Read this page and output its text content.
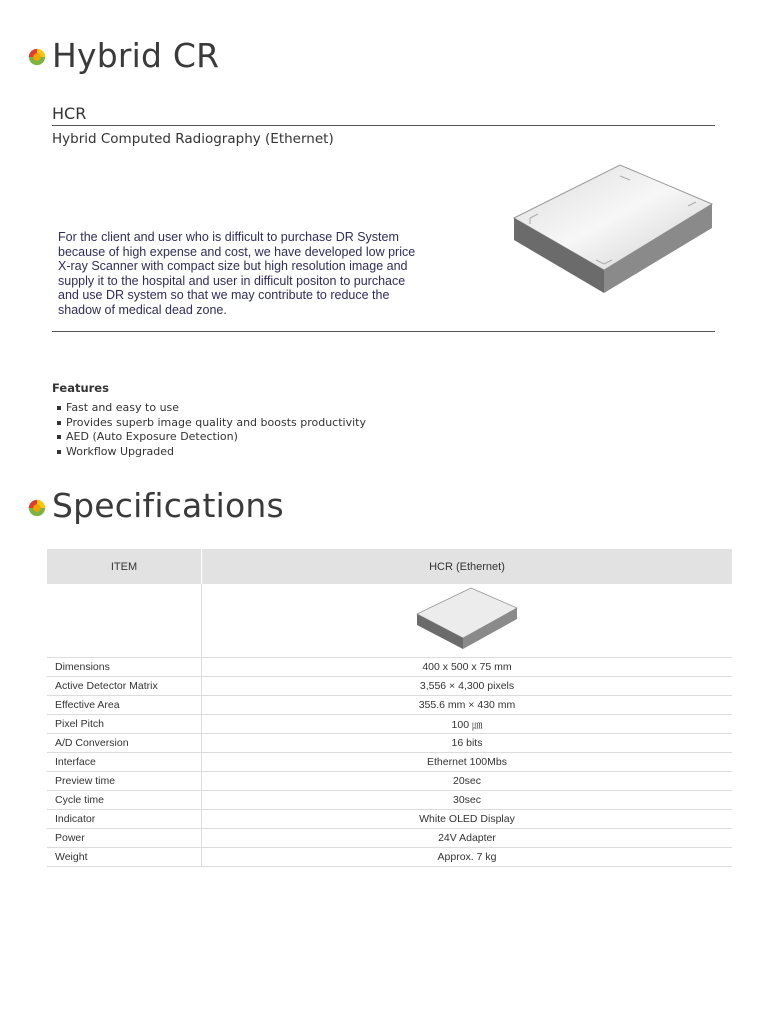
Hybrid CR
HCR
Hybrid Computed Radiography (Ethernet)
For the client and user who is difficult to purchase DR System because of high expense and cost, we have developed low price X-ray Scanner with compact size but high resolution image and supply it to the hospital and user in difficult positon to purchace and use DR system so that we may contribute to reduce the shadow of medical dead zone.
Features
Fast and easy to use
Provides superb image quality and boosts productivity
AED (Auto Exposure Detection)
Workflow Upgraded
Specifications
ITEM	HCR (Ethernet)

Dimensions	400 x 500 x 75 mm
Active Detector Matrix	3,556 × 4,300 pixels
Effective Area	355.6 mm × 430 mm
Pixel Pitch	100 ㎛
A/D Conversion	16 bits
Interface	Ethernet 100Mbs
Preview time	20sec
Cycle time	30sec
Indicator	White OLED Display
Power	24V Adapter
Weight	Approx. 7 kg
